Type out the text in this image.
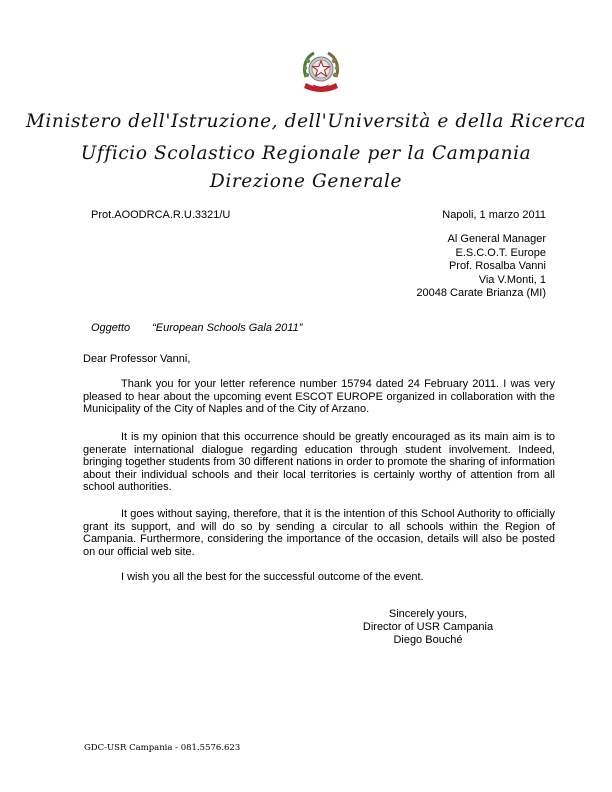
Ministero dell'Istruzione, dell'Università e della Ricerca
Ufficio Scolastico Regionale per la Campania
Direzione Generale
Prot.AOODRCA.R.U.3321/U	Napoli, 1 marzo 2011
Al General Manager
E.S.C.O.T. Europe
Prof. Rosalba Vanni
Via V.Monti, 1
20048 Carate Brianza (MI)
Oggetto “European Schools Gala 2011”
Dear Professor Vanni,
Thank you for your letter reference number 15794 dated 24 February 2011. I was very pleased to hear about the upcoming event ESCOT EUROPE organized in collaboration with the Municipality of the City of Naples and of the City of Arzano.
It is my opinion that this occurrence should be greatly encouraged as its main aim is to generate international dialogue regarding education through student involvement. Indeed, bringing together students from 30 different nations in order to promote the sharing of information about their individual schools and their local territories is certainly worthy of attention from all school authorities.
It goes without saying, therefore, that it is the intention of this School Authority to officially grant its support, and will do so by sending a circular to all schools within the Region of Campania. Furthermore, considering the importance of the occasion, details will also be posted on our official web site.
I wish you all the best for the successful outcome of the event.
Sincerely yours,
Director of USR Campania
Diego Bouché
GDC-USR Campania - 081.5576.623
